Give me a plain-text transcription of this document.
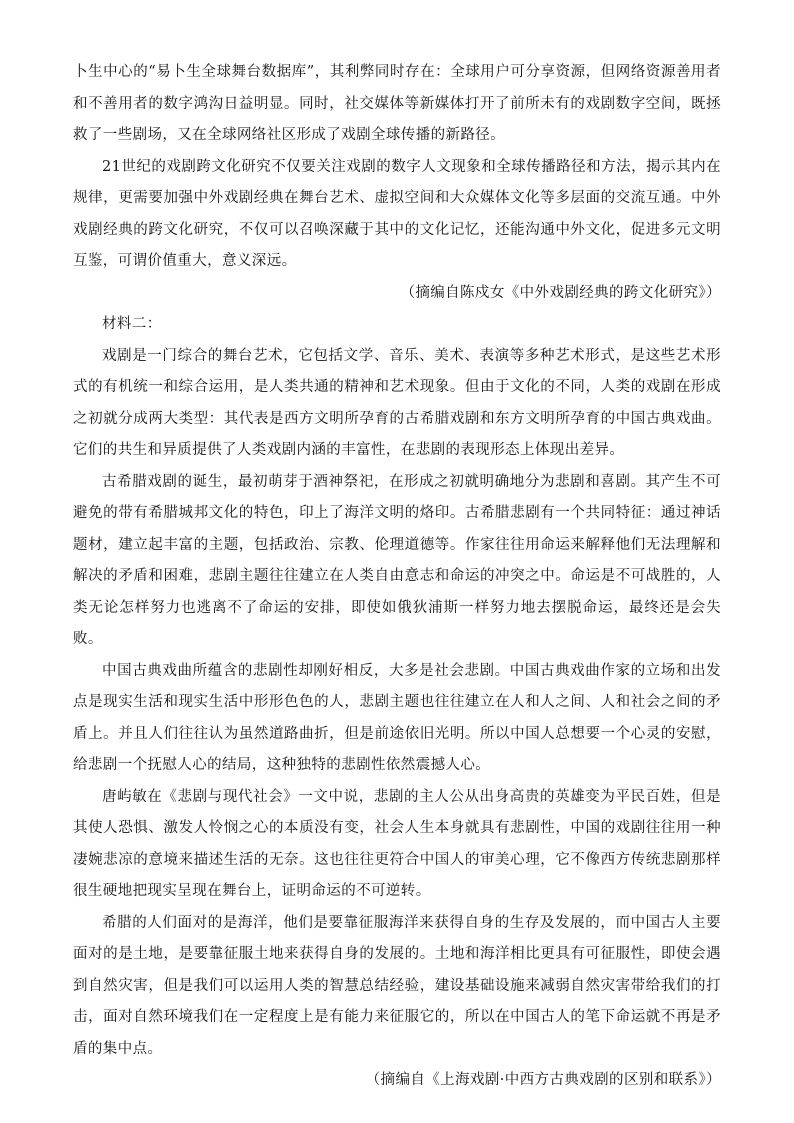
卜生中心的“易卜生全球舞台数据库”，其利弊同时存在：全球用户可分享资源，但网络资源善用者和不善用者的数字鸿沟日益明显。同时，社交媒体等新媒体打开了前所未有的戏剧数字空间，既拯救了一些剧场，又在全球网络社区形成了戏剧全球传播的新路径。

21世纪的戏剧跨文化研究不仅要关注戏剧的数字人文现象和全球传播路径和方法，揭示其内在规律，更需要加强中外戏剧经典在舞台艺术、虚拟空间和大众媒体文化等多层面的交流互通。中外戏剧经典的跨文化研究，不仅可以召唤深藏于其中的文化记忆，还能沟通中外文化，促进多元文明互鉴，可谓价值重大，意义深远。

（摘编自陈戍女《中外戏剧经典的跨文化研究》）

材料二：

戏剧是一门综合的舞台艺术，它包括文学、音乐、美术、表演等多种艺术形式，是这些艺术形式的有机统一和综合运用，是人类共通的精神和艺术现象。但由于文化的不同，人类的戏剧在形成之初就分成两大类型：其代表是西方文明所孕育的古希腊戏剧和东方文明所孕育的中国古典戏曲。它们的共生和异质提供了人类戏剧内涵的丰富性，在悲剧的表现形态上体现出差异。

古希腊戏剧的诞生，最初萌芽于酒神祭祀，在形成之初就明确地分为悲剧和喜剧。其产生不可避免的带有希腊城邦文化的特色，印上了海洋文明的烙印。古希腊悲剧有一个共同特征：通过神话题材，建立起丰富的主题，包括政治、宗教、伦理道德等。作家往往用命运来解释他们无法理解和解决的矛盾和困难，悲剧主题往往建立在人类自由意志和命运的冲突之中。命运是不可战胜的，人类无论怎样努力也逃离不了命运的安排，即使如俄狄浦斯一样努力地去摆脱命运，最终还是会失败。

中国古典戏曲所蕴含的悲剧性却刚好相反，大多是社会悲剧。中国古典戏曲作家的立场和出发点是现实生活和现实生活中形形色色的人，悲剧主题也往往建立在人和人之间、人和社会之间的矛盾上。并且人们往往认为虽然道路曲折，但是前途依旧光明。所以中国人总想要一个心灵的安慰，给悲剧一个抚慰人心的结局，这种独特的悲剧性依然震撼人心。

唐屿敏在《悲剧与现代社会》一文中说，悲剧的主人公从出身高贵的英雄变为平民百姓，但是其使人恐惧、激发人怜悯之心的本质没有变，社会人生本身就具有悲剧性，中国的戏剧往往用一种凄婉悲凉的意境来描述生活的无奈。这也往往更符合中国人的审美心理，它不像西方传统悲剧那样很生硬地把现实呈现在舞台上，证明命运的不可逆转。

希腊的人们面对的是海洋，他们是要靠征服海洋来获得自身的生存及发展的，而中国古人主要面对的是土地，是要靠征服土地来获得自身的发展的。土地和海洋相比更具有可征服性，即使会遇到自然灾害，但是我们可以运用人类的智慧总结经验，建设基础设施来减弱自然灾害带给我们的打击，面对自然环境我们在一定程度上是有能力来征服它的，所以在中国古人的笔下命运就不再是矛盾的集中点。

（摘编自《上海戏剧·中西方古典戏剧的区别和联系》）
